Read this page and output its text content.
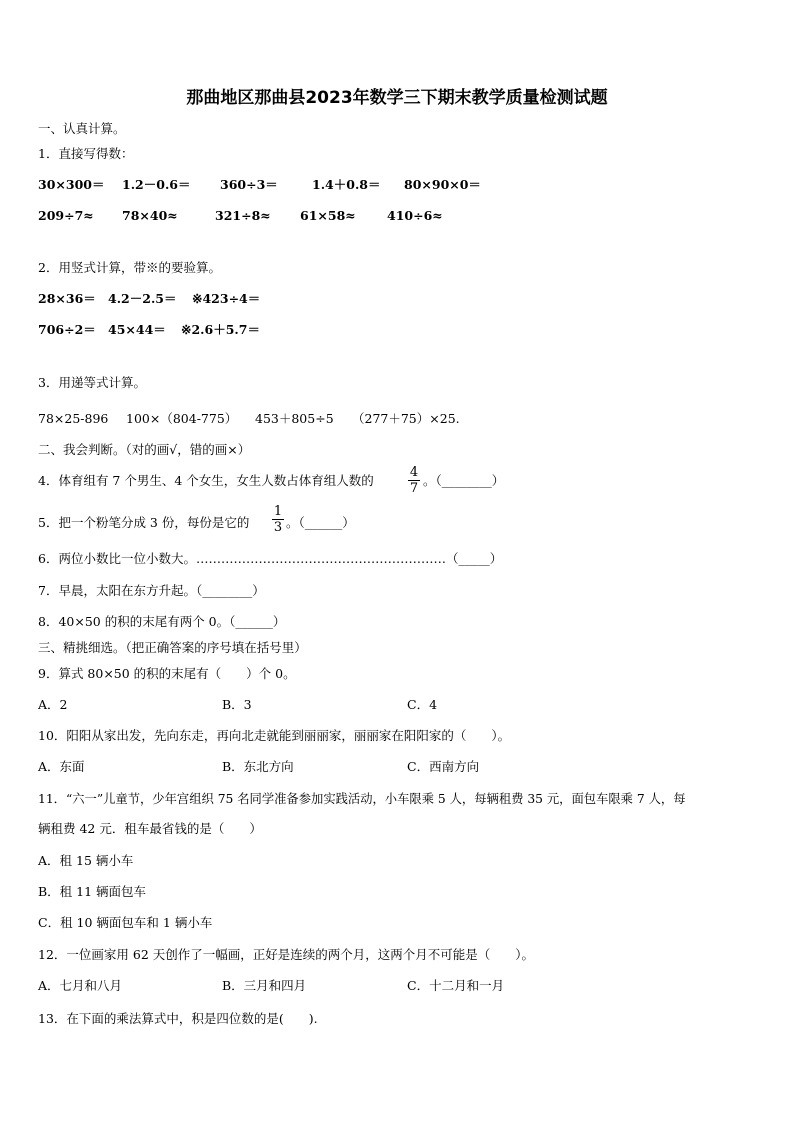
那曲地区那曲县2023年数学三下期末教学质量检测试题
一、认真计算。
1．直接写得数：
30×300＝ 1.2－0.6＝ 360÷3＝	1.4＋0.8＝ 80×90×0＝
209÷7≈ 78×40≈	321÷8≈ 61×58≈	410÷6≈
2．用竖式计算，带※的要验算。
28×36＝ 4.2－2.5＝ ※423÷4＝
706÷2＝ 45×44＝ ※2.6＋5.7＝
3．用递等式计算。
78×25-896 100×（804-775） 453＋805÷5 （277＋75）×25.
二、我会判断。（对的画√，错的画×）
4．体育组有 7 个男生、4 个女生，女生人数占体育组人数的
4
7
。（________）
5．把一个粉笔分成 3 份，每份是它的
1
3 。（______）
6．两位小数比一位小数大。……………………………………………………（_____）
7．早晨，太阳在东方升起。（________）
8．40×50 的积的末尾有两个 0。（______）
三、精挑细选。（把正确答案的序号填在括号里）
9．算式 80×50 的积的末尾有（　　）个 0。
A．2	B．3	C．4
10．阳阳从家出发，先向东走，再向北走就能到丽丽家，丽丽家在阳阳家的（　　）。
A．东面	B．东北方向	C．西南方向
11．“六一”儿童节，少年宫组织 75 名同学准备参加实践活动，小车限乘 5 人，每辆租费 35 元，面包车限乘 7 人，每
辆租费 42 元．租车最省钱的是（　　）
A．租 15 辆小车
B．租 11 辆面包车
C．租 10 辆面包车和 1 辆小车
12．一位画家用 62 天创作了一幅画，正好是连续的两个月，这两个月不可能是（　　）。
A．七月和八月	B．三月和四月	C．十二月和一月
13．在下面的乘法算式中，积是四位数的是(　　).
